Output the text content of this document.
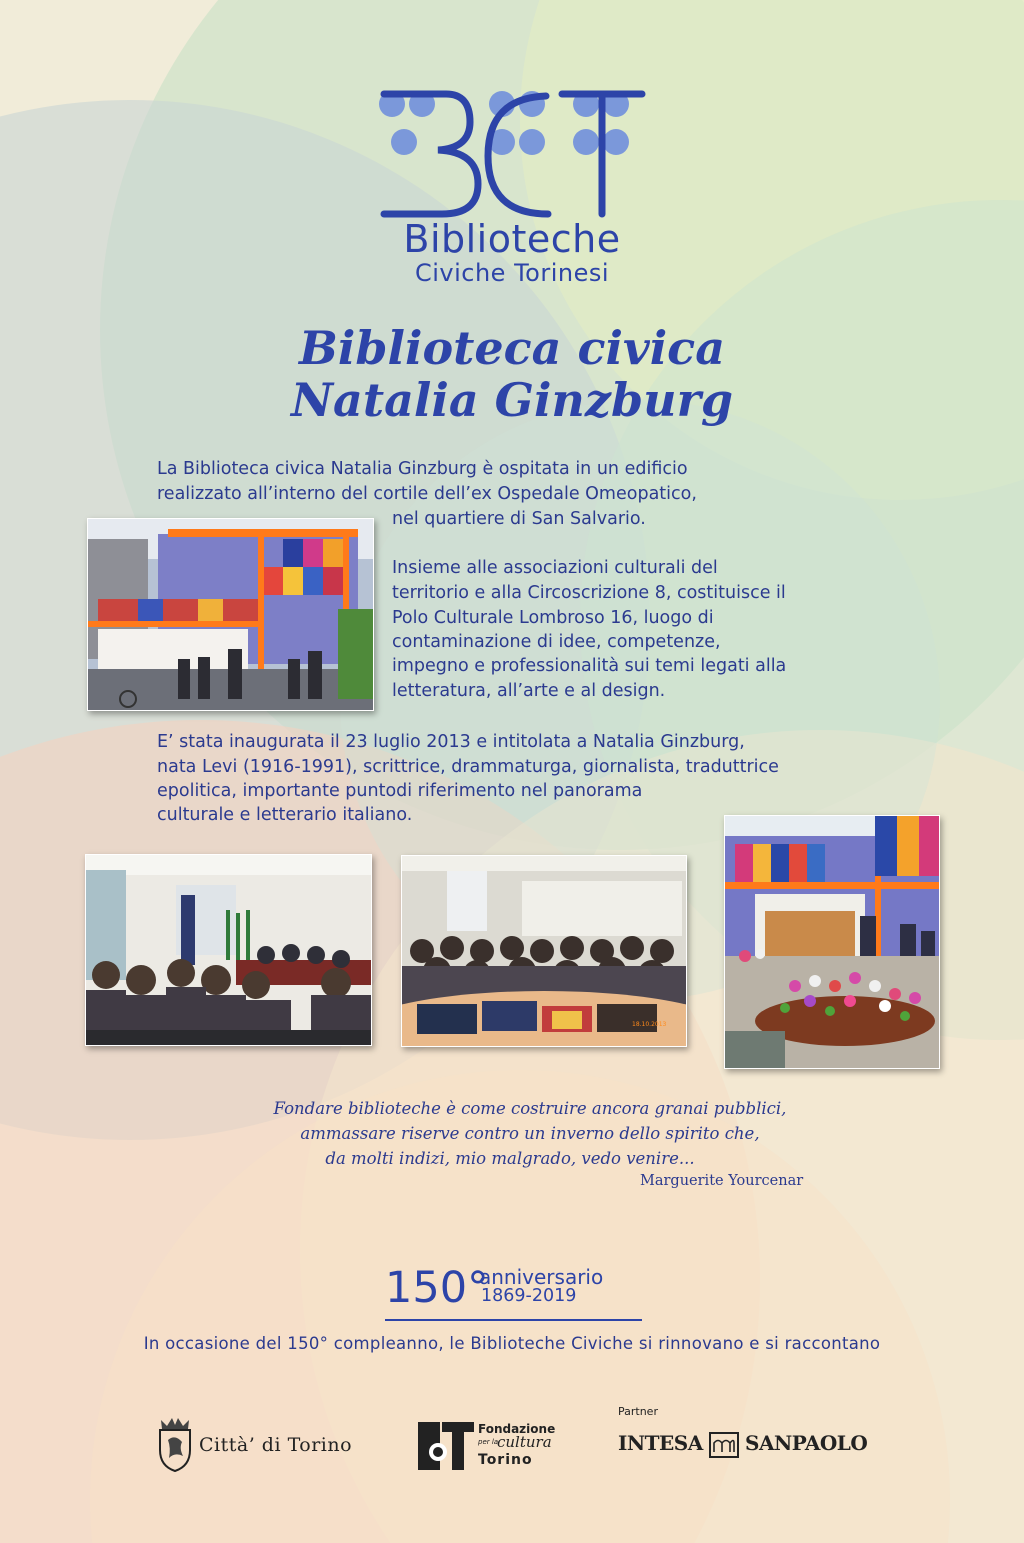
Biblioteche
Civiche Torinesi
Biblioteca civica
Natalia Ginzburg
La Biblioteca civica Natalia Ginzburg è ospitata in un edificio
realizzato all’interno del cortile dell’ex Ospedale Omeopatico,
nel quartiere di San Salvario.
Insieme alle associazioni culturali del
territorio e alla Circoscrizione 8, costituisce il
Polo Culturale Lombroso 16, luogo di
contaminazione di idee, competenze,
impegno e professionalità sui temi legati alla
letteratura, all’arte e al design.
E’ stata inaugurata il 23 luglio 2013 e intitolata a Natalia Ginzburg,
nata Levi (1916-1991), scrittrice, drammaturga, giornalista, traduttrice
epolitica, importante puntodi riferimento nel panorama
culturale e letterario italiano.
18.10.2013
Fondare biblioteche è come costruire ancora granai pubblici,
ammassare riserve contro un inverno dello spirito che,
da molti indizi, mio malgrado, vedo venire...
Marguerite Yourcenar
150°
anniversario
1869-2019
In occasione del 150° compleanno, le Biblioteche Civiche si rinnovano e si raccontano
Città’ di Torino
Fondazione
per la
cultura
Torino
Partner
INTESA SANPAOLO
